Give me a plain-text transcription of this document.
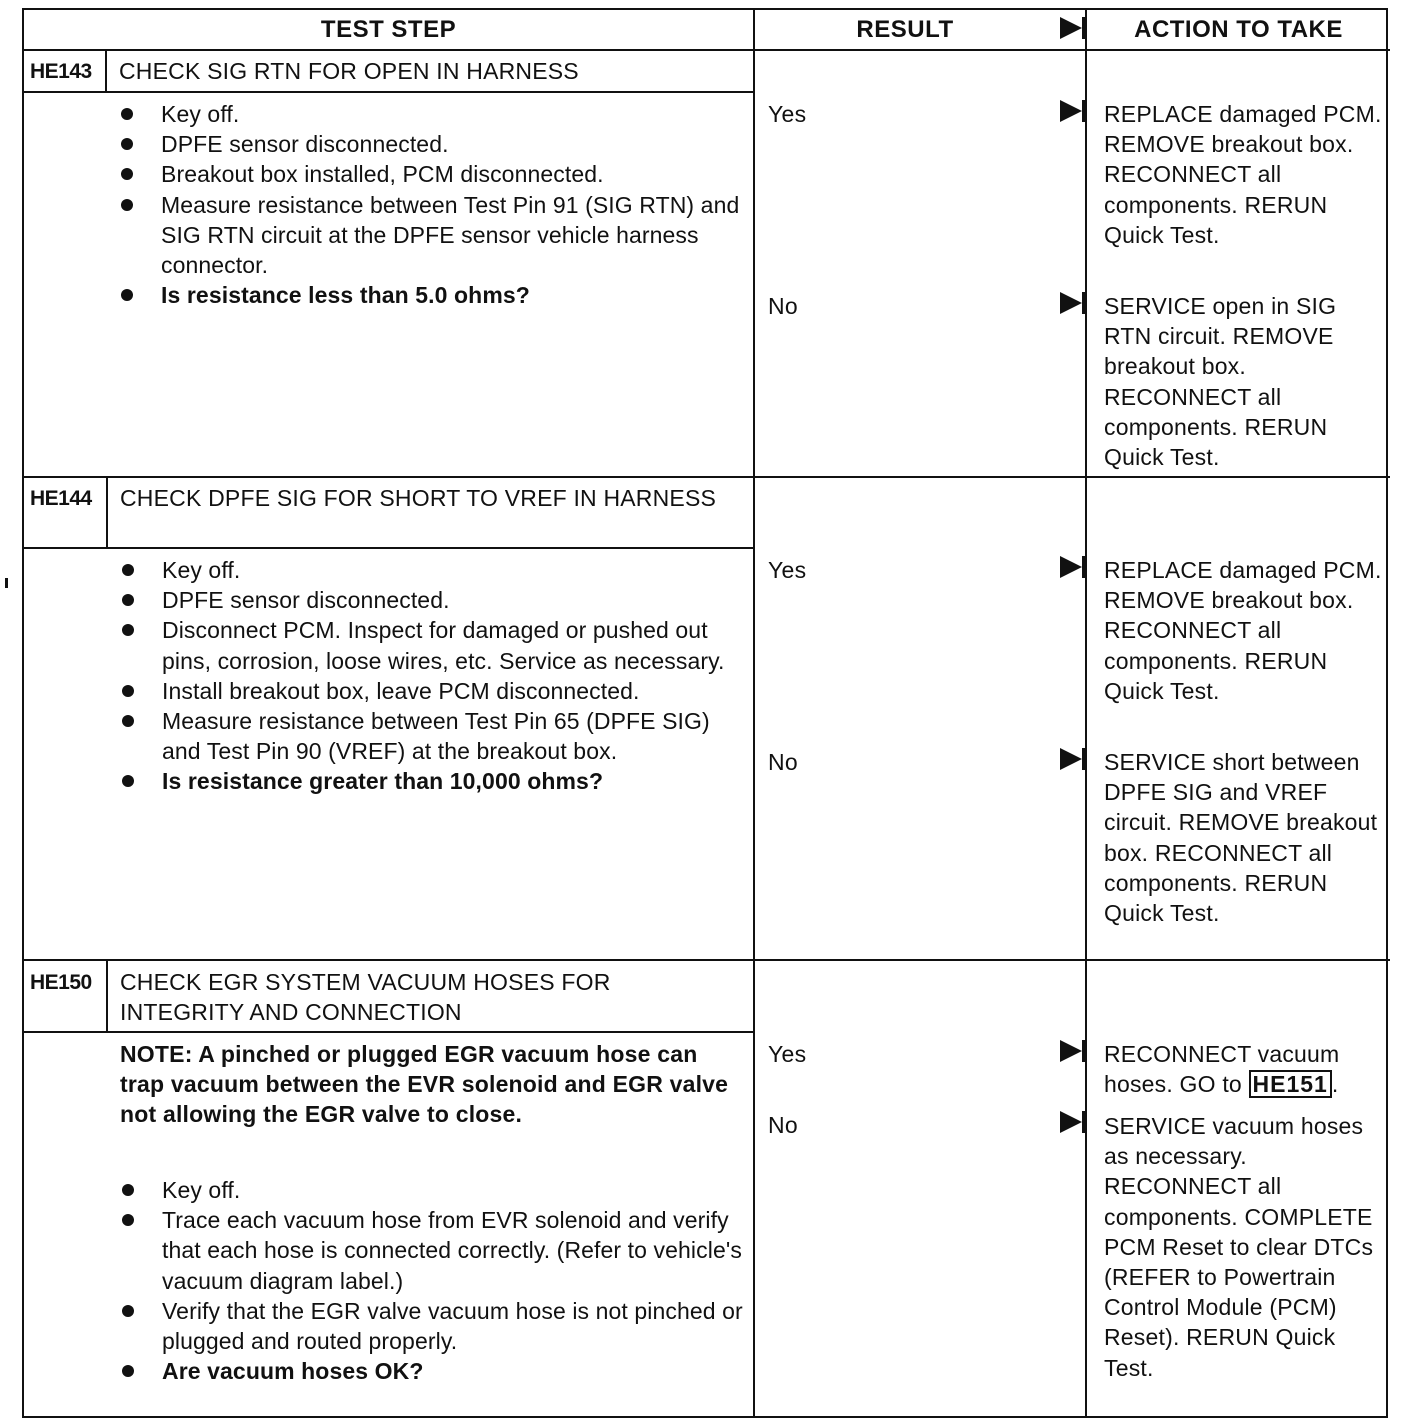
TEST STEP	RESULT	ACTION TO TAKE
HE143 CHECK SIG RTN FOR OPEN IN HARNESS
Key off.
DPFE sensor disconnected.
Breakout box installed, PCM disconnected.
Measure resistance between Test Pin 91 (SIG RTN) and SIG RTN circuit at the DPFE sensor vehicle harness connector.
Is resistance less than 5.0 ohms?
Yes	REPLACE damaged PCM. REMOVE breakout box. RECONNECT all components. RERUN Quick Test.
No	SERVICE open in SIG RTN circuit. REMOVE breakout box. RECONNECT all components. RERUN Quick Test.
HE144 CHECK DPFE SIG FOR SHORT TO VREF IN HARNESS
Key off.
DPFE sensor disconnected.
Disconnect PCM. Inspect for damaged or pushed out pins, corrosion, loose wires, etc. Service as necessary.
Install breakout box, leave PCM disconnected.
Measure resistance between Test Pin 65 (DPFE SIG) and Test Pin 90 (VREF) at the breakout box.
Is resistance greater than 10,000 ohms?
Yes	REPLACE damaged PCM. REMOVE breakout box. RECONNECT all components. RERUN Quick Test.
No	SERVICE short between DPFE SIG and VREF circuit. REMOVE breakout box. RECONNECT all components. RERUN Quick Test.
HE150 CHECK EGR SYSTEM VACUUM HOSES FOR INTEGRITY AND CONNECTION
NOTE: A pinched or plugged EGR vacuum hose can trap vacuum between the EVR solenoid and EGR valve not allowing the EGR valve to close.
Key off.
Trace each vacuum hose from EVR solenoid and verify that each hose is connected correctly. (Refer to vehicle's vacuum diagram label.)
Verify that the EGR valve vacuum hose is not pinched or plugged and routed properly.
Are vacuum hoses OK?
Yes	RECONNECT vacuum hoses. GO to HE151 .
No	SERVICE vacuum hoses as necessary. RECONNECT all components. COMPLETE PCM Reset to clear DTCs (REFER to Powertrain Control Module (PCM) Reset). RERUN Quick Test.
